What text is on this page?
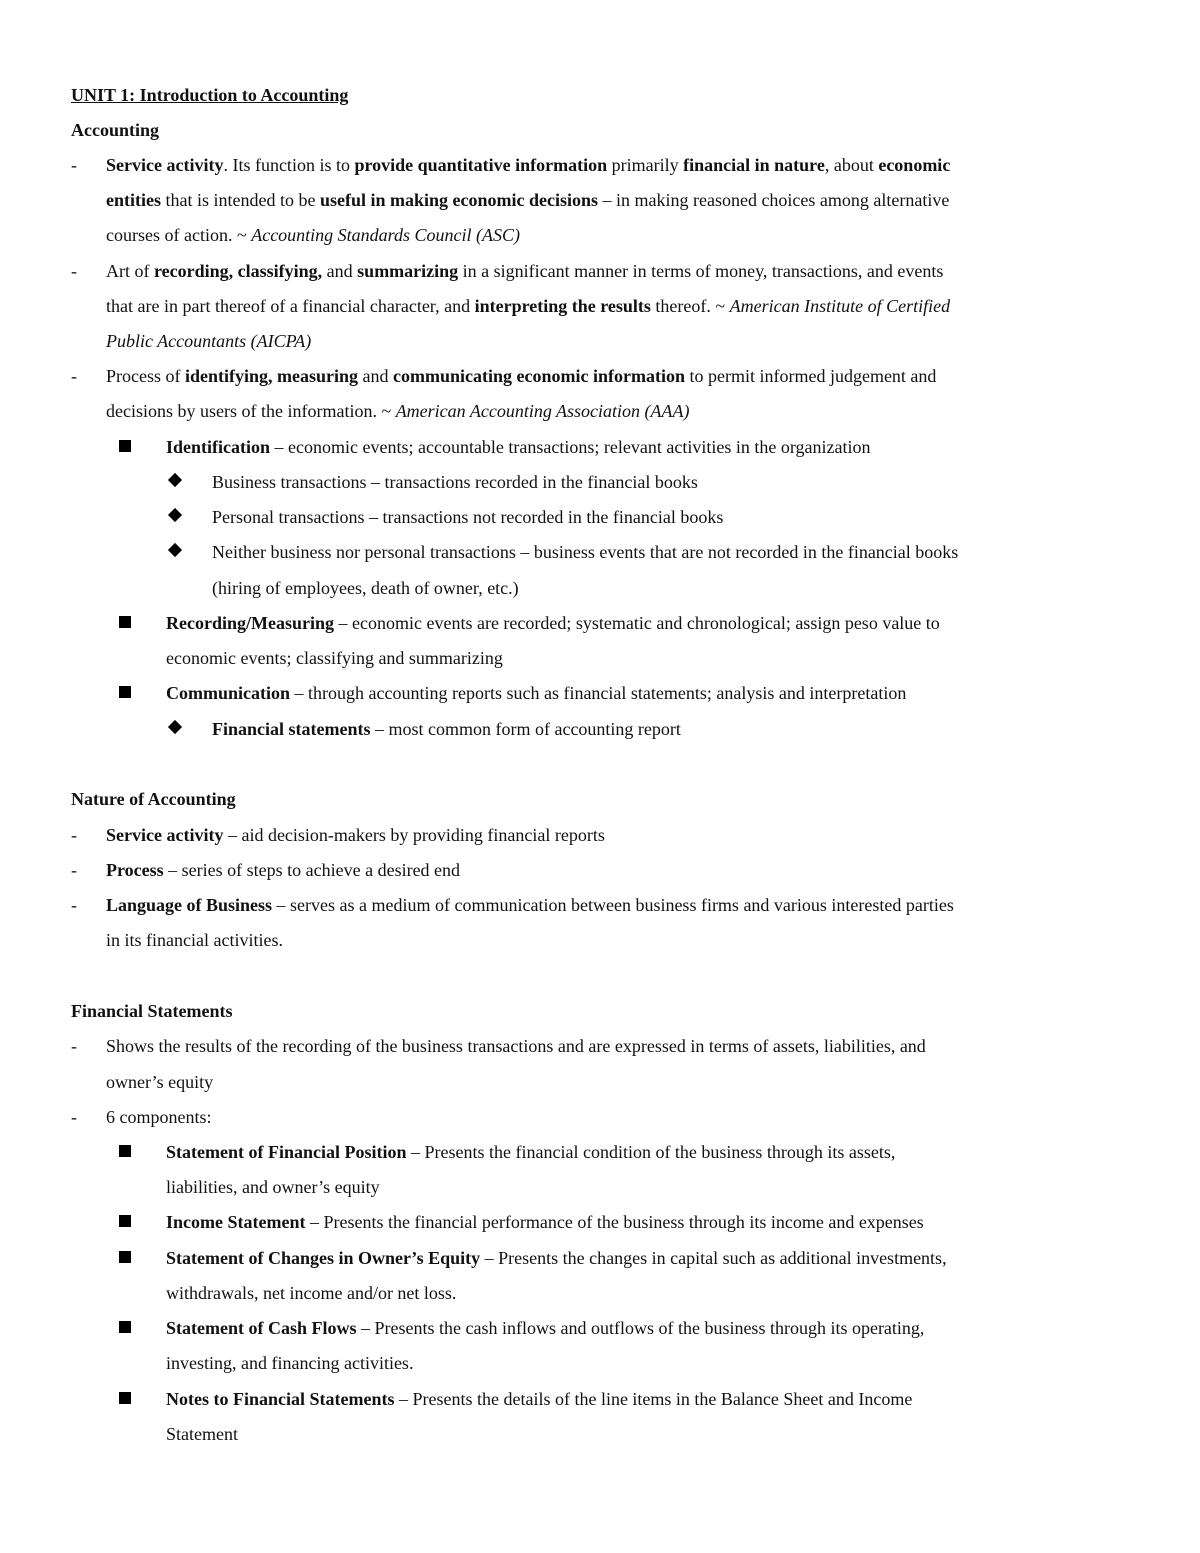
UNIT 1: Introduction to Accounting
Accounting
- Service activity. Its function is to provide quantitative information primarily financial in nature, about economic
entities that is intended to be useful in making economic decisions – in making reasoned choices among alternative
courses of action. ~ Accounting Standards Council (ASC)
- Art of recording, classifying, and summarizing in a significant manner in terms of money, transactions, and events
that are in part thereof of a financial character, and interpreting the results thereof. ~ American Institute of Certified
Public Accountants (AICPA)
- Process of identifying, measuring and communicating economic information to permit informed judgement and
decisions by users of the information. ~ American Accounting Association (AAA)
Identification – economic events; accountable transactions; relevant activities in the organization
Business transactions – transactions recorded in the financial books
Personal transactions – transactions not recorded in the financial books
Neither business nor personal transactions – business events that are not recorded in the financial books
(hiring of employees, death of owner, etc.)
Recording/Measuring – economic events are recorded; systematic and chronological; assign peso value to
economic events; classifying and summarizing
Communication – through accounting reports such as financial statements; analysis and interpretation
Financial statements – most common form of accounting report
Nature of Accounting
- Service activity – aid decision-makers by providing financial reports
- Process – series of steps to achieve a desired end
- Language of Business – serves as a medium of communication between business firms and various interested parties
in its financial activities.
Financial Statements
- Shows the results of the recording of the business transactions and are expressed in terms of assets, liabilities, and
owner’s equity
- 6 components:
Statement of Financial Position – Presents the financial condition of the business through its assets,
liabilities, and owner’s equity
Income Statement – Presents the financial performance of the business through its income and expenses
Statement of Changes in Owner’s Equity – Presents the changes in capital such as additional investments,
withdrawals, net income and/or net loss.
Statement of Cash Flows – Presents the cash inflows and outflows of the business through its operating,
investing, and financing activities.
Notes to Financial Statements – Presents the details of the line items in the Balance Sheet and Income
Statement
